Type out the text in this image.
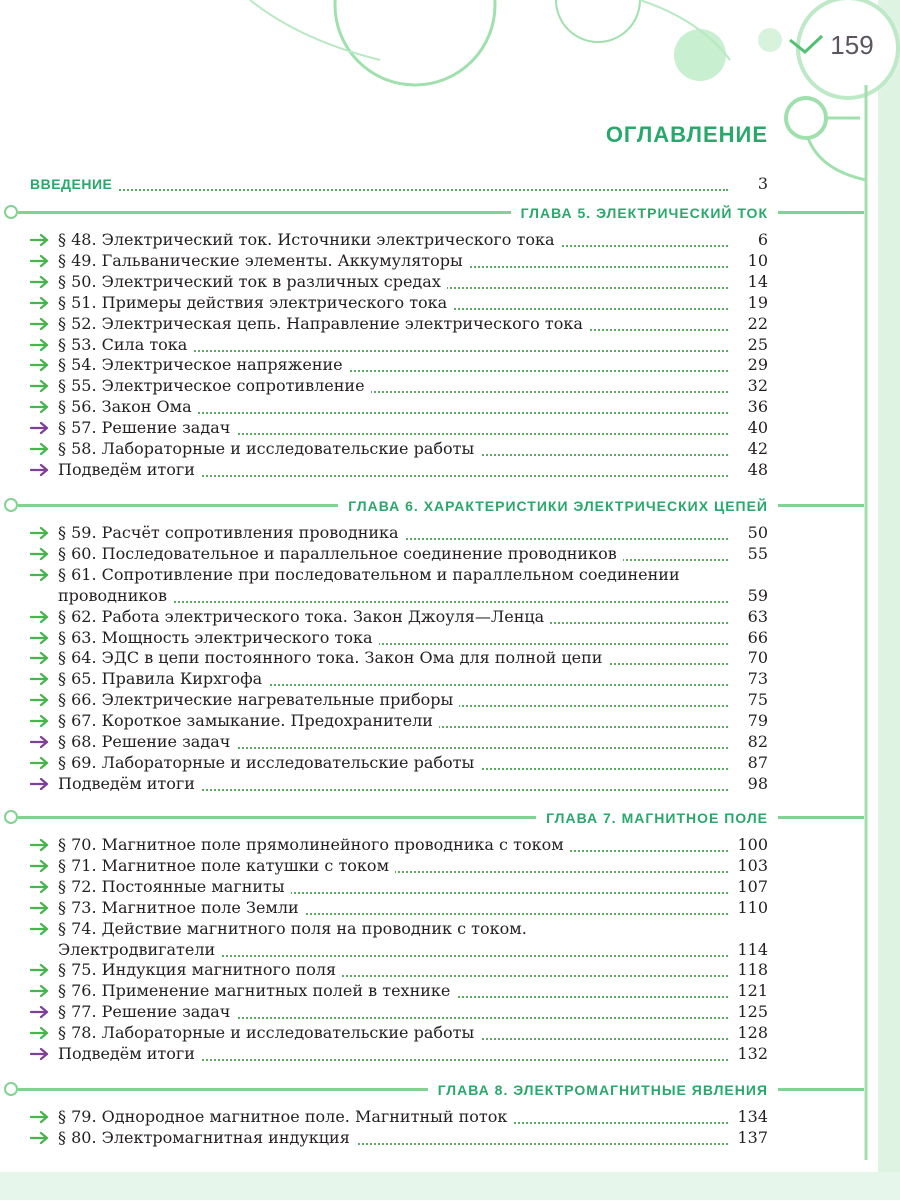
159
ОГЛАВЛЕНИЕ
ВВЕДЕНИЕ	3
ГЛАВА 5. ЭЛЕКТРИЧЕСКИЙ ТОК
§ 48. Электрический ток. Источники электрического тока	6
§ 49. Гальванические элементы. Аккумуляторы	10
§ 50. Электрический ток в различных средах	14
§ 51. Примеры действия электрического тока	19
§ 52. Электрическая цепь. Направление электрического тока	22
§ 53. Сила тока	25
§ 54. Электрическое напряжение	29
§ 55. Электрическое сопротивление	32
§ 56. Закон Ома	36
§ 57. Решение задач	40
§ 58. Лабораторные и исследовательские работы	42
Подведём итоги	48
ГЛАВА 6. ХАРАКТЕРИСТИКИ ЭЛЕКТРИЧЕСКИХ ЦЕПЕЙ
§ 59. Расчёт сопротивления проводника	50
§ 60. Последовательное и параллельное соединение проводников	55
§ 61. Сопротивление при последовательном и параллельном соединении
проводников	59
§ 62. Работа электрического тока. Закон Джоуля—Ленца	63
§ 63. Мощность электрического тока	66
§ 64. ЭДС в цепи постоянного тока. Закон Ома для полной цепи	70
§ 65. Правила Кирхгофа	73
§ 66. Электрические нагревательные приборы	75
§ 67. Короткое замыкание. Предохранители	79
§ 68. Решение задач	82
§ 69. Лабораторные и исследовательские работы	87
Подведём итоги	98
ГЛАВА 7. МАГНИТНОЕ ПОЛЕ
§ 70. Магнитное поле прямолинейного проводника с током	100
§ 71. Магнитное поле катушки с током	103
§ 72. Постоянные магниты	107
§ 73. Магнитное поле Земли	110
§ 74. Действие магнитного поля на проводник с током.
Электродвигатели	114
§ 75. Индукция магнитного поля	118
§ 76. Применение магнитных полей в технике	121
§ 77. Решение задач	125
§ 78. Лабораторные и исследовательские работы	128
Подведём итоги	132
ГЛАВА 8. ЭЛЕКТРОМАГНИТНЫЕ ЯВЛЕНИЯ
§ 79. Однородное магнитное поле. Магнитный поток	134
§ 80. Электромагнитная индукция	137
